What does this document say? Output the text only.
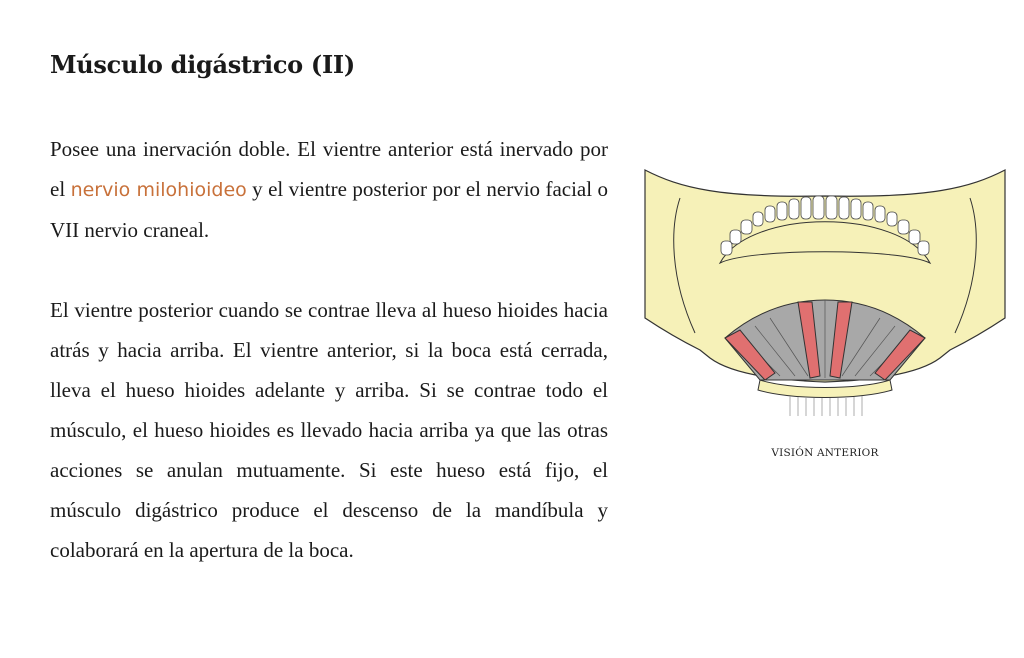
Músculo digástrico (II)

Posee una inervación doble. El vientre anterior está inervado por el nervio milohioideo y el vientre posterior por el nervio facial o VII nervio craneal.

El vientre posterior cuando se contrae lleva al hueso hioides hacia atrás y hacia arriba. El vientre anterior, si la boca está cerrada, lleva el hueso hioides adelante y arriba. Si se contrae todo el músculo, el hueso hioides es llevado hacia arriba ya que las otras acciones se anulan mutuamente. Si este hueso está fijo, el músculo digástrico produce el descenso de la mandíbula y colaborará en la apertura de la boca.

VISIÓN ANTERIOR
